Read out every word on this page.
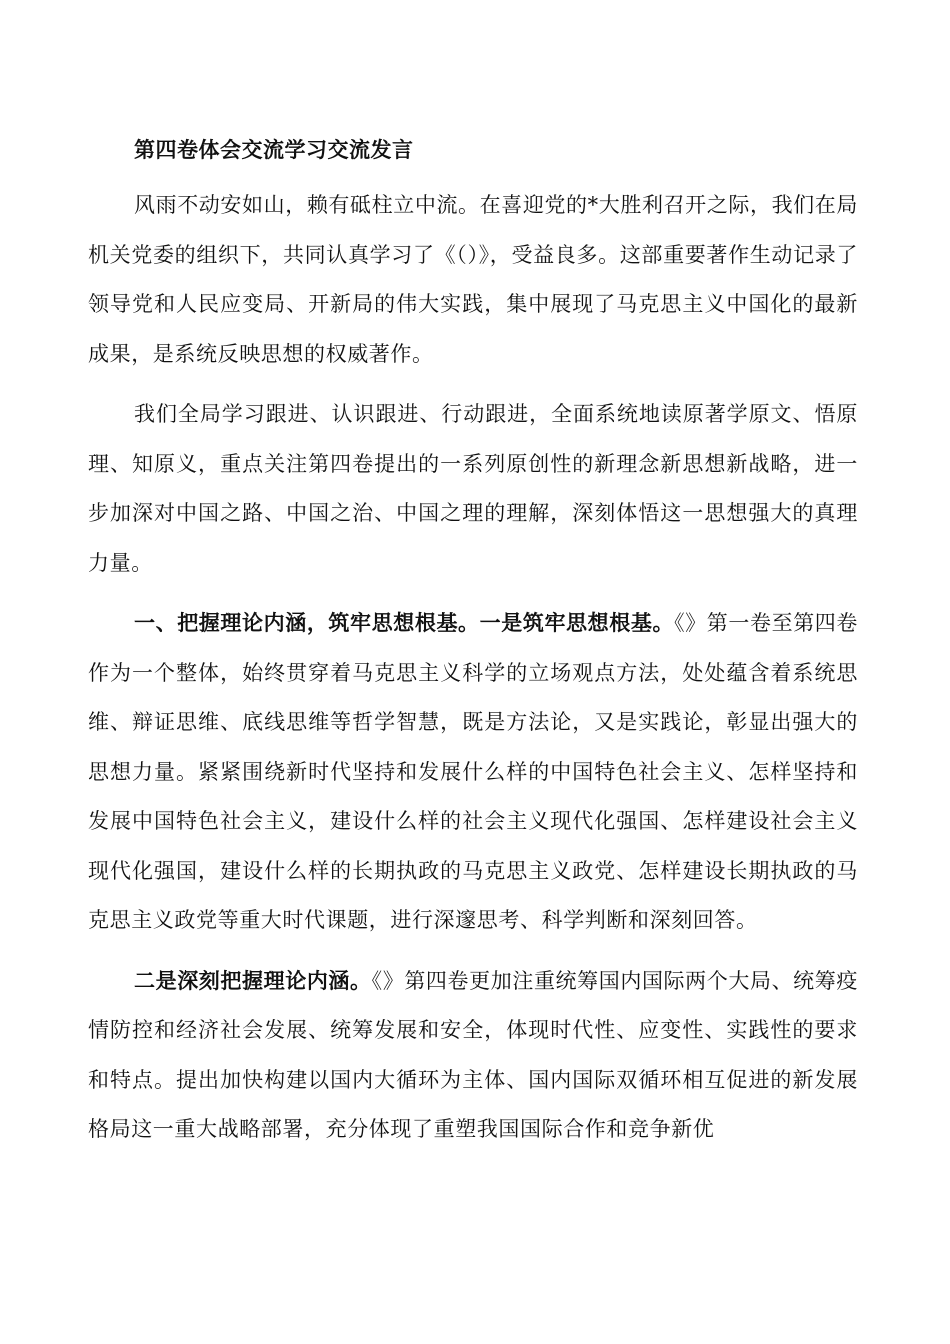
第四卷体会交流学习交流发言

风雨不动安如山，赖有砥柱立中流。在喜迎党的*大胜利召开之际，我们在局机关党委的组织下，共同认真学习了《（）》，受益良多。这部重要著作生动记录了领导党和人民应变局、开新局的伟大实践，集中展现了马克思主义中国化的最新成果，是系统反映思想的权威著作。

我们全局学习跟进、认识跟进、行动跟进，全面系统地读原著学原文、悟原理、知原义，重点关注第四卷提出的一系列原创性的新理念新思想新战略，进一步加深对中国之路、中国之治、中国之理的理解，深刻体悟这一思想强大的真理力量。

一、把握理论内涵，筑牢思想根基。一是筑牢思想根基。《》第一卷至第四卷作为一个整体，始终贯穿着马克思主义科学的立场观点方法，处处蕴含着系统思维、辩证思维、底线思维等哲学智慧，既是方法论，又是实践论，彰显出强大的思想力量。紧紧围绕新时代坚持和发展什么样的中国特色社会主义、怎样坚持和发展中国特色社会主义，建设什么样的社会主义现代化强国、怎样建设社会主义现代化强国，建设什么样的长期执政的马克思主义政党、怎样建设长期执政的马克思主义政党等重大时代课题，进行深邃思考、科学判断和深刻回答。

二是深刻把握理论内涵。《》第四卷更加注重统筹国内国际两个大局、统筹疫情防控和经济社会发展、统筹发展和安全，体现时代性、应变性、实践性的要求和特点。提出加快构建以国内大循环为主体、国内国际双循环相互促进的新发展格局这一重大战略部署，充分体现了重塑我国国际合作和竞争新优
